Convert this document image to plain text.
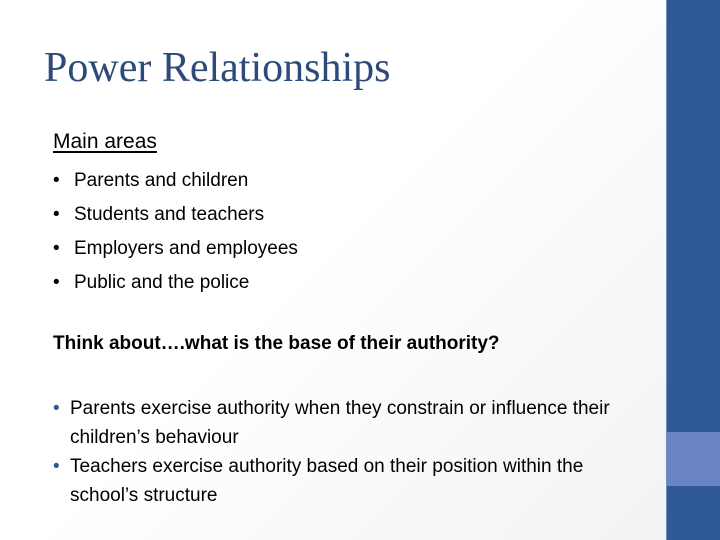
Power Relationships
Main areas
• Parents and children
• Students and teachers
• Employers and employees
• Public and the police
Think about….what is the base of their authority?
• Parents exercise authority when they constrain or influence their children’s behaviour
• Teachers exercise authority based on their position within the school’s structure
